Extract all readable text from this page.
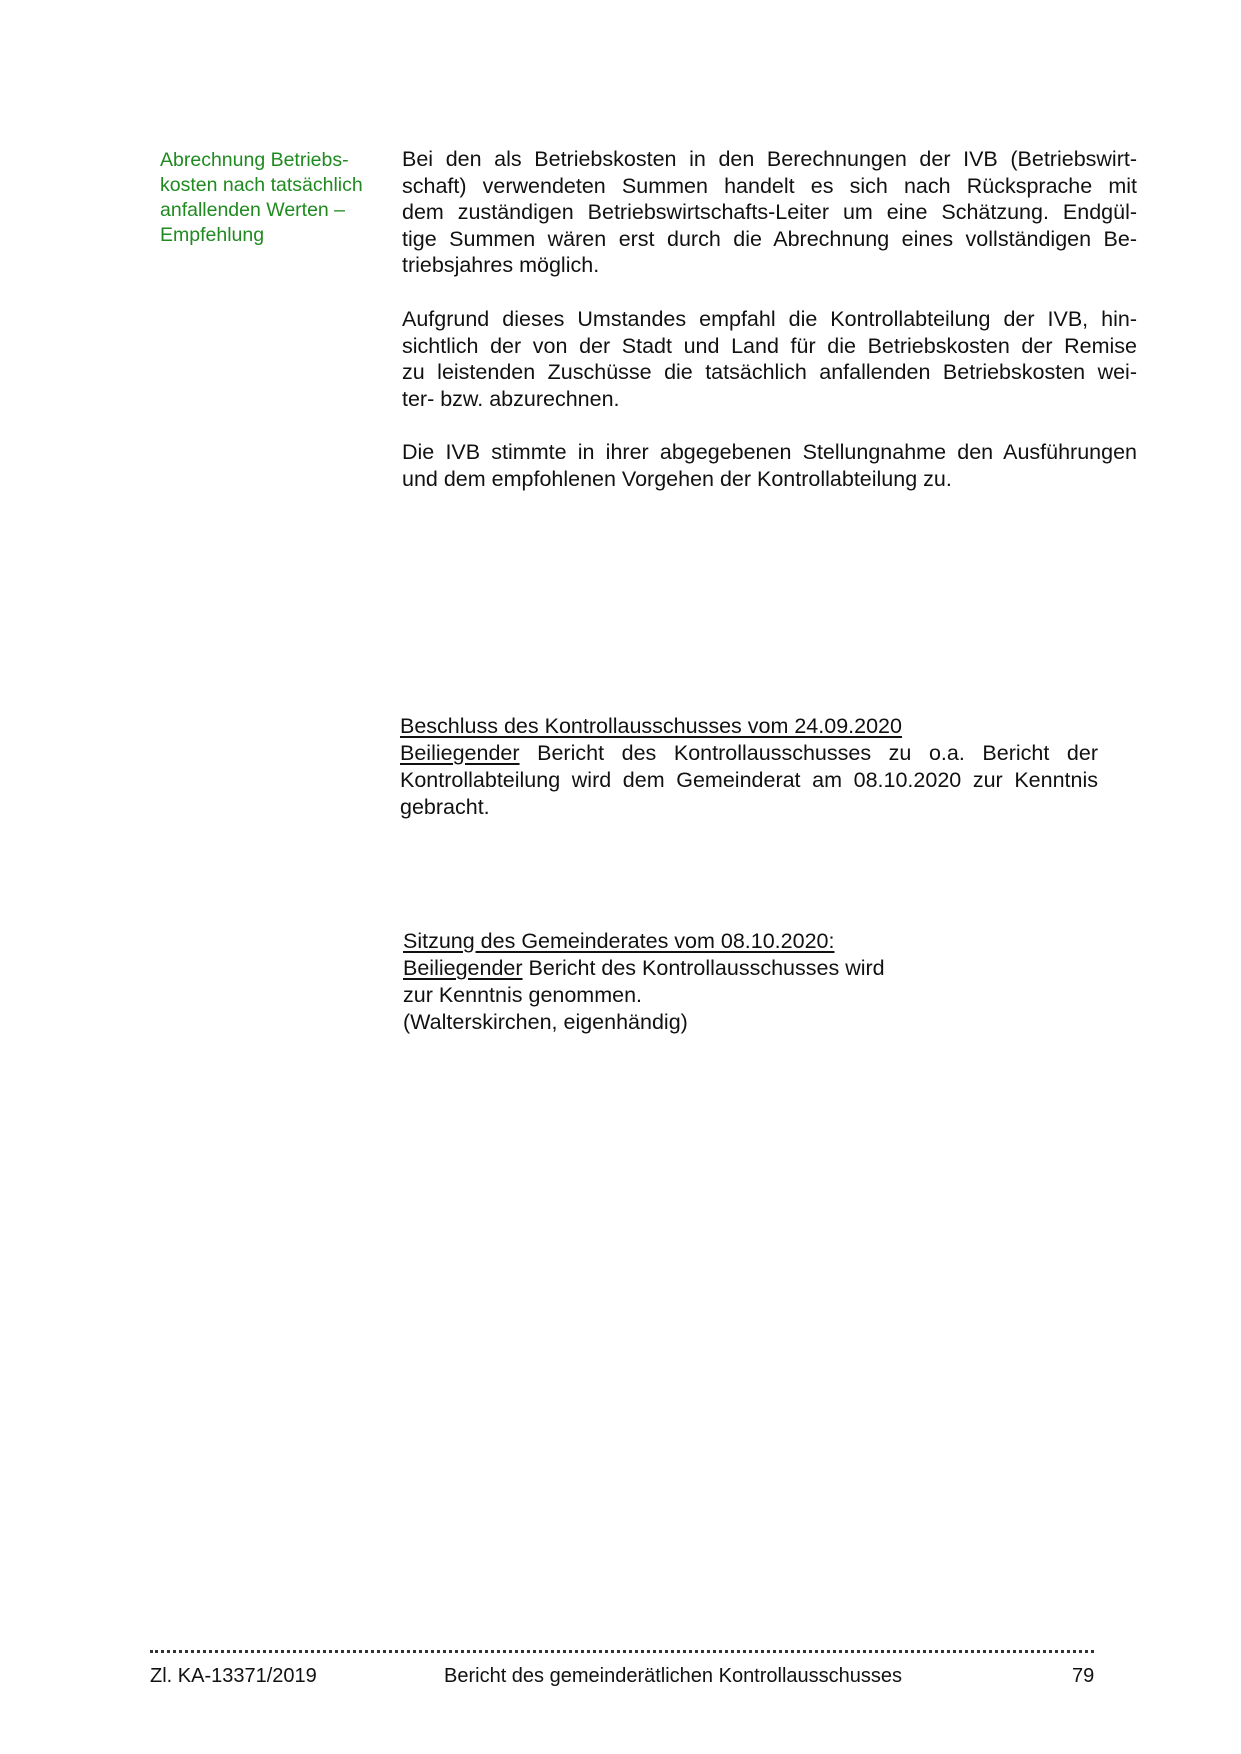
Abrechnung Betriebs-
kosten nach tatsächlich
anfallenden Werten –
Empfehlung
Bei den als Betriebskosten in den Berechnungen der IVB (Betriebswirt-
schaft) verwendeten Summen handelt es sich nach Rücksprache mit
dem zuständigen Betriebswirtschafts-Leiter um eine Schätzung. Endgül-
tige Summen wären erst durch die Abrechnung eines vollständigen Be-
triebsjahres möglich.
Aufgrund dieses Umstandes empfahl die Kontrollabteilung der IVB, hin-
sichtlich der von der Stadt und Land für die Betriebskosten der Remise
zu leistenden Zuschüsse die tatsächlich anfallenden Betriebskosten wei-
ter- bzw. abzurechnen.
Die IVB stimmte in ihrer abgegebenen Stellungnahme den Ausführungen
und dem empfohlenen Vorgehen der Kontrollabteilung zu.
Beschluss des Kontrollausschusses vom 24.09.2020
Beiliegender Bericht des Kontrollausschusses zu o.a. Bericht der
Kontrollabteilung wird dem Gemeinderat am 08.10.2020 zur Kenntnis
gebracht.
Sitzung des Gemeinderates vom 08.10.2020:
Beiliegender Bericht des Kontrollausschusses wird
zur Kenntnis genommen.
(Walterskirchen, eigenhändig)
Zl. KA-13371/2019	Bericht des gemeinderätlichen Kontrollausschusses	79
